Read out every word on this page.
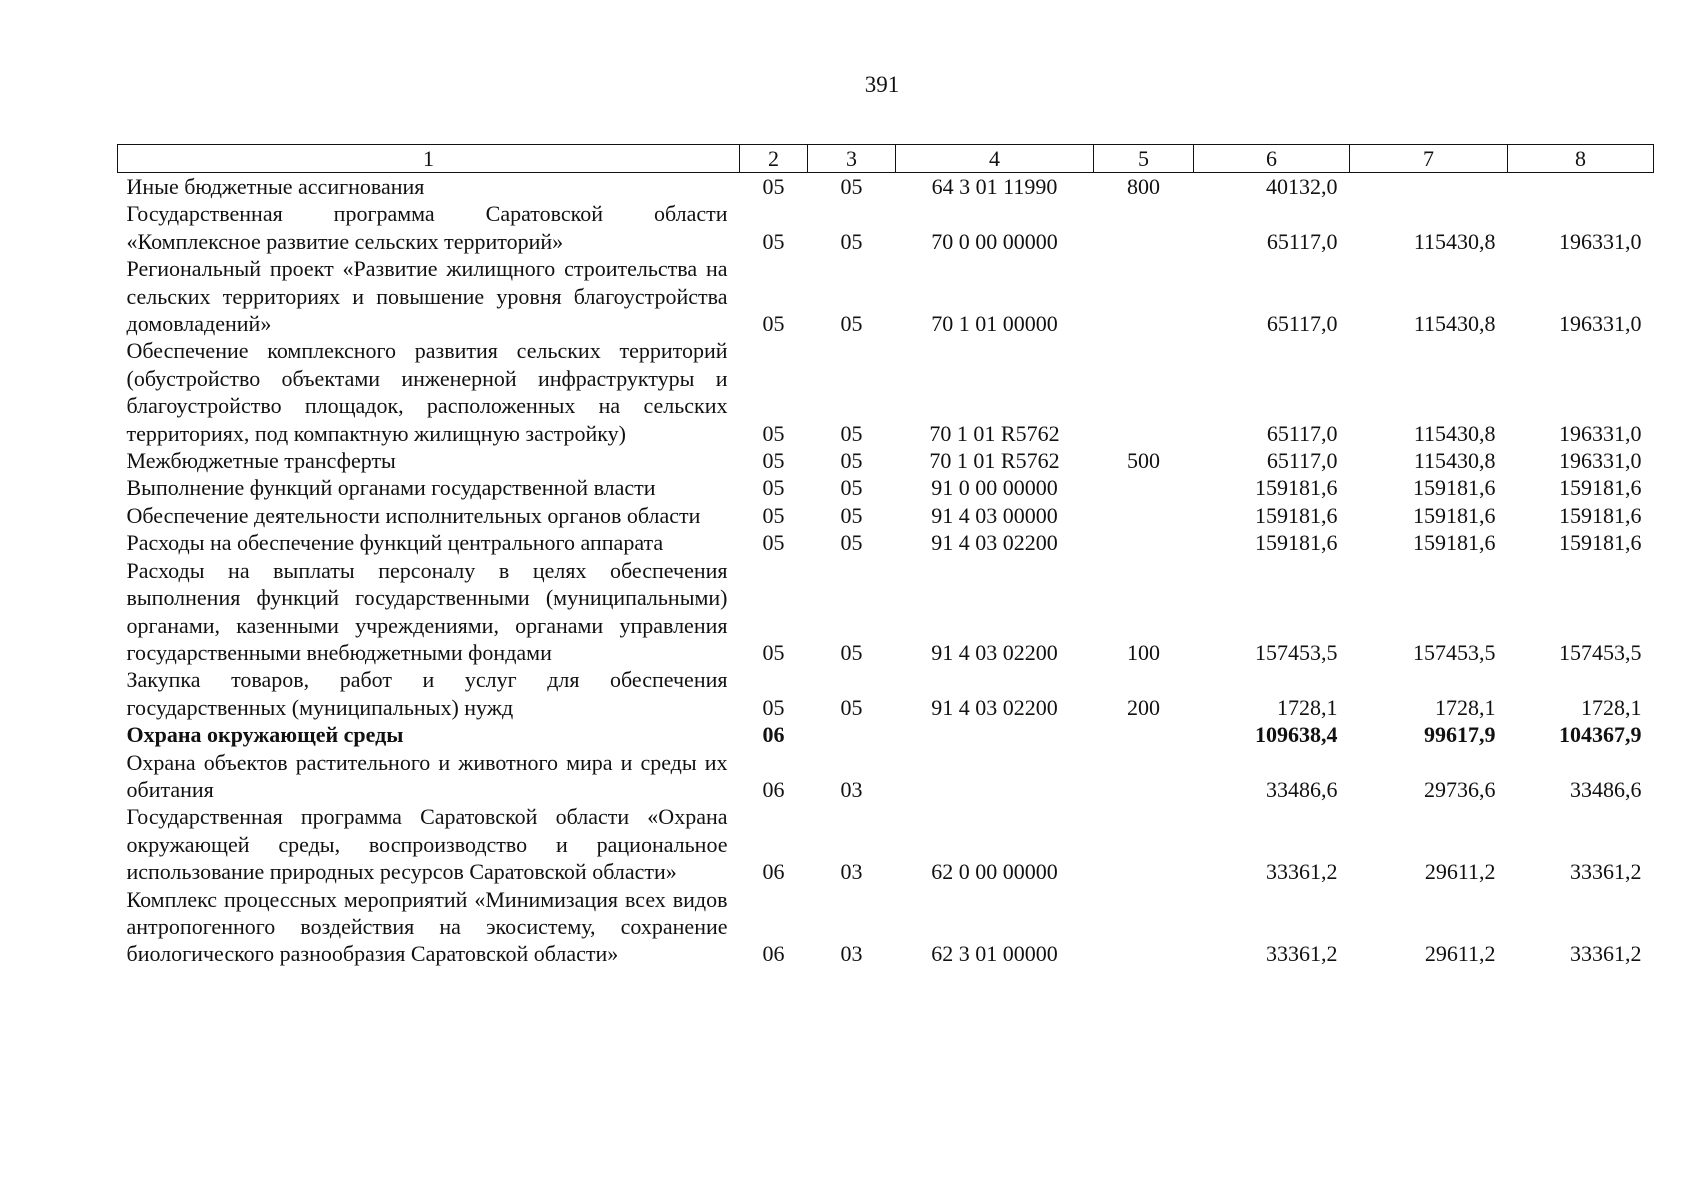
391
1	2	3	4	5	6	7	8
Иные бюджетные ассигнования	05	05	64 3 01 11990	800	40132,0		
Государственная программа Саратовской области «Комплексное развитие сельских территорий»	05	05	70 0 00 00000		65117,0	115430,8	196331,0
Региональный проект «Развитие жилищного строительства на сельских территориях и повышение уровня благоустройства домовладений»	05	05	70 1 01 00000		65117,0	115430,8	196331,0
Обеспечение комплексного развития сельских территорий (обустройство объектами инженерной инфраструктуры и благоустройство площадок, расположенных на сельских территориях, под компактную жилищную застройку)	05	05	70 1 01 R5762		65117,0	115430,8	196331,0
Межбюджетные трансферты	05	05	70 1 01 R5762	500	65117,0	115430,8	196331,0
Выполнение функций органами государственной власти	05	05	91 0 00 00000		159181,6	159181,6	159181,6
Обеспечение деятельности исполнительных органов области	05	05	91 4 03 00000		159181,6	159181,6	159181,6
Расходы на обеспечение функций центрального аппарата	05	05	91 4 03 02200		159181,6	159181,6	159181,6
Расходы на выплаты персоналу в целях обеспечения выполнения функций государственными (муниципальными) органами, казенными учреждениями, органами управления государственными внебюджетными фондами	05	05	91 4 03 02200	100	157453,5	157453,5	157453,5
Закупка товаров, работ и услуг для обеспечения государственных (муниципальных) нужд	05	05	91 4 03 02200	200	1728,1	1728,1	1728,1
Охрана окружающей среды	06				109638,4	99617,9	104367,9
Охрана объектов растительного и животного мира и среды их обитания	06	03			33486,6	29736,6	33486,6
Государственная программа Саратовской области «Охрана окружающей среды, воспроизводство и рациональное использование природных ресурсов Саратовской области»	06	03	62 0 00 00000		33361,2	29611,2	33361,2
Комплекс процессных мероприятий «Минимизация всех видов антропогенного воздействия на экосистему, сохранение биологического разнообразия Саратовской области»	06	03	62 3 01 00000		33361,2	29611,2	33361,2
